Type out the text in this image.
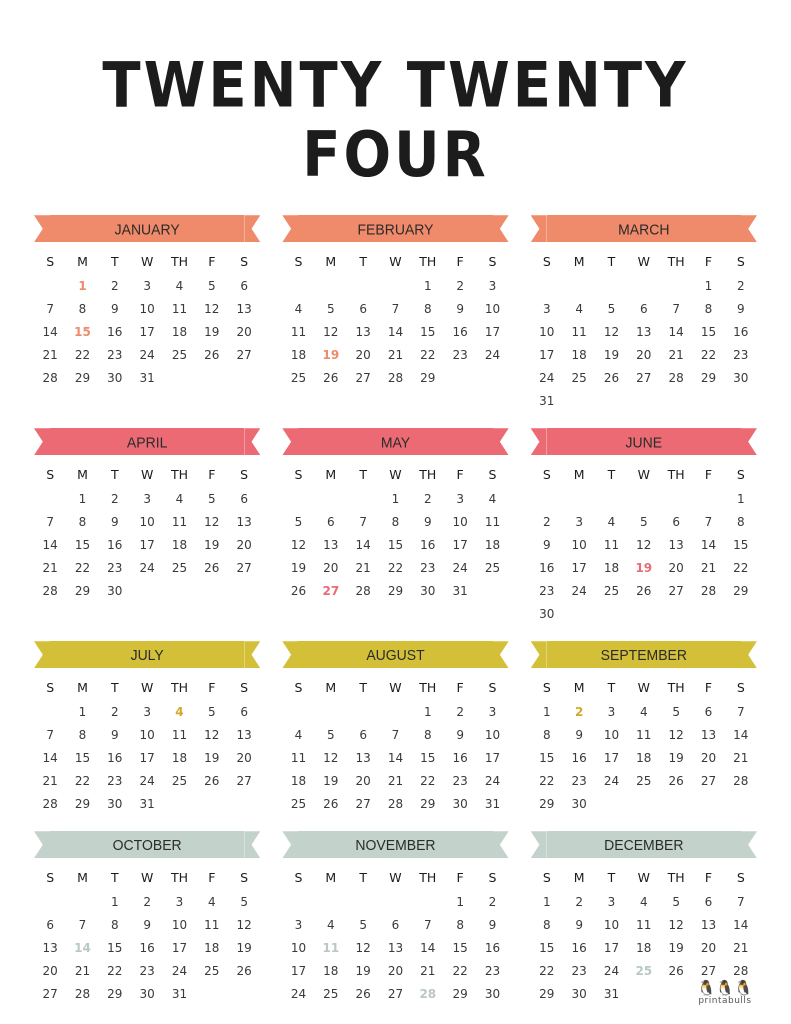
TWENTY TWENTY FOUR
JANUARY
S	M	T	W	TH	F	S
	1	2	3	4	5	6
7	8	9	10	11	12	13
14	15	16	17	18	19	20
21	22	23	24	25	26	27
28	29	30	31			
FEBRUARY
S	M	T	W	TH	F	S
				1	2	3
4	5	6	7	8	9	10
11	12	13	14	15	16	17
18	19	20	21	22	23	24
25	26	27	28	29		
MARCH
S	M	T	W	TH	F	S
					1	2
3	4	5	6	7	8	9
10	11	12	13	14	15	16
17	18	19	20	21	22	23
24	25	26	27	28	29	30
31						
APRIL
S	M	T	W	TH	F	S
	1	2	3	4	5	6
7	8	9	10	11	12	13
14	15	16	17	18	19	20
21	22	23	24	25	26	27
28	29	30				
MAY
S	M	T	W	TH	F	S
			1	2	3	4
5	6	7	8	9	10	11
12	13	14	15	16	17	18
19	20	21	22	23	24	25
26	27	28	29	30	31	
JUNE
S	M	T	W	TH	F	S
						1
2	3	4	5	6	7	8
9	10	11	12	13	14	15
16	17	18	19	20	21	22
23	24	25	26	27	28	29
30						
JULY
S	M	T	W	TH	F	S
	1	2	3	4	5	6
7	8	9	10	11	12	13
14	15	16	17	18	19	20
21	22	23	24	25	26	27
28	29	30	31			
AUGUST
S	M	T	W	TH	F	S
				1	2	3
4	5	6	7	8	9	10
11	12	13	14	15	16	17
18	19	20	21	22	23	24
25	26	27	28	29	30	31
SEPTEMBER
S	M	T	W	TH	F	S
1	2	3	4	5	6	7
8	9	10	11	12	13	14
15	16	17	18	19	20	21
22	23	24	25	26	27	28
29	30					
OCTOBER
S	M	T	W	TH	F	S
		1	2	3	4	5
6	7	8	9	10	11	12
13	14	15	16	17	18	19
20	21	22	23	24	25	26
27	28	29	30	31		
NOVEMBER
S	M	T	W	TH	F	S
					1	2
3	4	5	6	7	8	9
10	11	12	13	14	15	16
17	18	19	20	21	22	23
24	25	26	27	28	29	30
DECEMBER
S	M	T	W	TH	F	S
1	2	3	4	5	6	7
8	9	10	11	12	13	14
15	16	17	18	19	20	21
22	23	24	25	26	27	28
29	30	31					🐧🐧🐧
printabulls
